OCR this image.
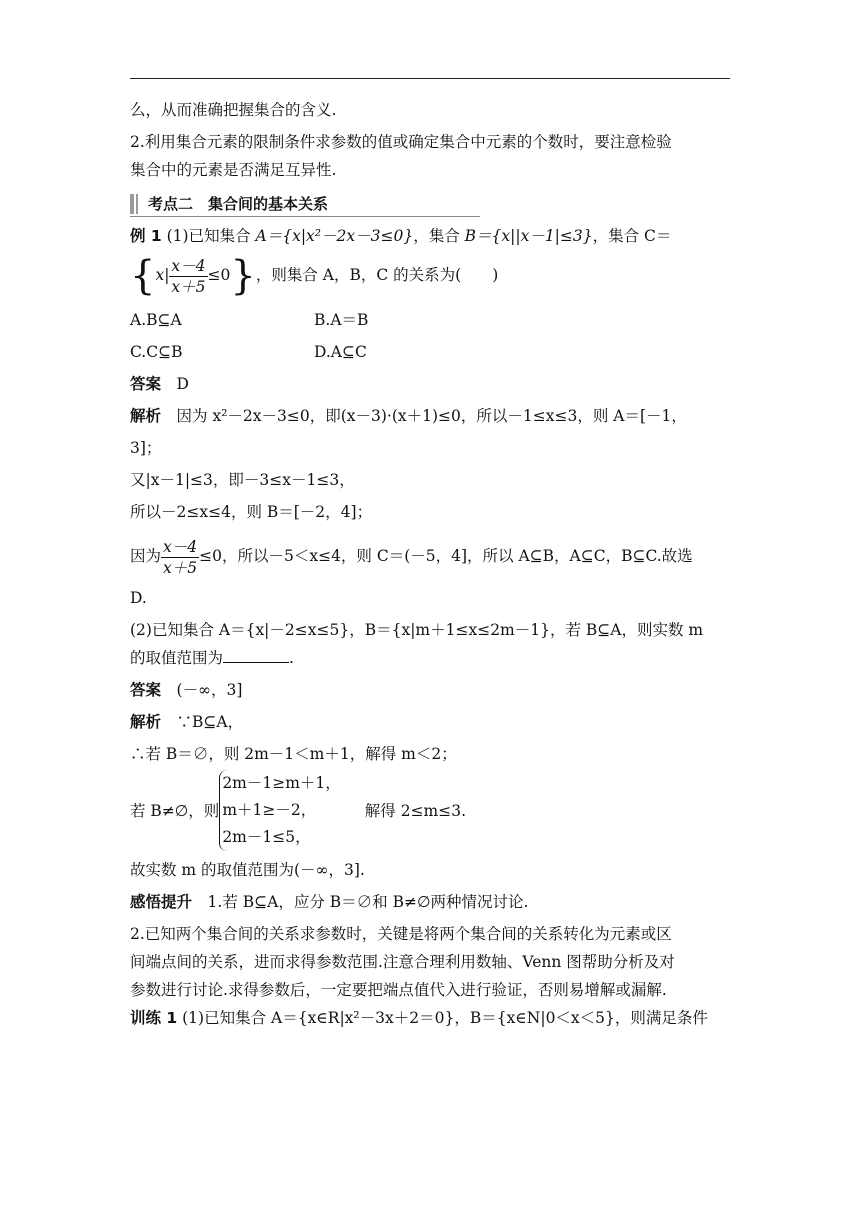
么，从而准确把握集合的含义.
2.利用集合元素的限制条件求参数的值或确定集合中元素的个数时，要注意检验
集合中的元素是否满足互异性.
考点二　集合间的基本关系
例 1 (1)已知集合 A＝{x|x²－2x－3≤0}，集合 B＝{x||x－1|≤3}，集合 C＝
$\{x| \frac{x-4}{x+5} \le 0\}$，则集合 A，B，C 的关系为(　　)
A.B⊆A	B.A＝B
C.C⊆B	D.A⊆C
答案　 D
解析　 因为 x²－2x－3≤0，即(x－3)·(x＋1)≤0，所以－1≤x≤3，则 A＝[－1，
3]；
又|x－1|≤3，即－3≤x－1≤3，
所以－2≤x≤4，则 B＝[－2，4]；
因为 $\frac{x-4}{x+5} \le 0$，所以－5＜x≤4，则 C＝(－5，4]，所以 A⊆B，A⊆C，B⊆C.故选
D.
(2)已知集合 A＝{x|－2≤x≤5}，B＝{x|m＋1≤x≤2m－1}，若 B⊆A，则实数 m
的取值范围为	.
答案　 (－∞，3]
解析　 ∵B⊆A，
∴若 B＝∅，则 2m－1＜m＋1，解得 m＜2；
若 B≠∅，则
2m－1≥m＋1，
m＋1≥－2，
2m－1≤5，
解得 2≤m≤3.
故实数 m 的取值范围为(－∞，3].
感悟提升　 1.若 B⊆A，应分 B＝∅和 B≠∅两种情况讨论.
2.已知两个集合间的关系求参数时，关键是将两个集合间的关系转化为元素或区
间端点间的关系，进而求得参数范围.注意合理利用数轴、Venn 图帮助分析及对
参数进行讨论.求得参数后，一定要把端点值代入进行验证，否则易增解或漏解.
训练 1 (1)已知集合 A＝{x∈R|x²－3x＋2＝0}，B＝{x∈N|0＜x＜5}，则满足条件
